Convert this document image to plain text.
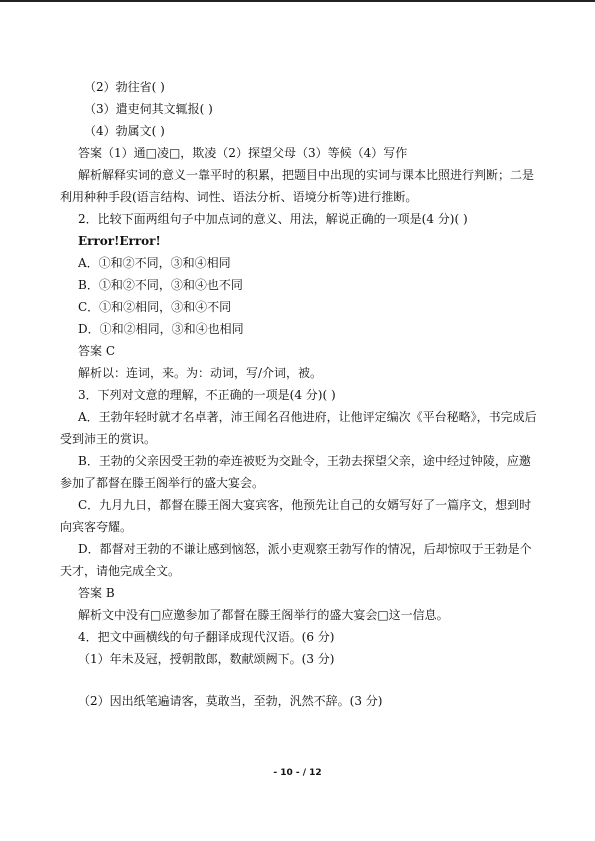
（2）勃往省( )
（3）遣吏伺其文辄报( )
（4）勃属文( )
答案（1）通□凌□，欺凌（2）探望父母（3）等候（4）写作
解析解释实词的意义一靠平时的积累，把题目中出现的实词与课本比照进行判断；二是
利用种种手段(语言结构、词性、语法分析、语境分析等)进行推断。
2．比较下面两组句子中加点词的意义、用法，解说正确的一项是(4 分)( )
Error!Error!
A．①和②不同，③和④相同
B．①和②不同，③和④也不同
C．①和②相同，③和④不同
D．①和②相同，③和④也相同
答案 C
解析以：连词，来。为：动词，写/介词，被。
3．下列对文意的理解，不正确的一项是(4 分)( )
A．王勃年轻时就才名卓著，沛王闻名召他进府，让他评定编次《平台秘略》，书完成后
受到沛王的赏识。
B．王勃的父亲因受王勃的牵连被贬为交趾令，王勃去探望父亲，途中经过钟陵，应邀
参加了都督在滕王阁举行的盛大宴会。
C．九月九日，都督在滕王阁大宴宾客，他预先让自己的女婿写好了一篇序文，想到时
向宾客夸耀。
D．都督对王勃的不谦让感到恼怒，派小吏观察王勃写作的情况，后却惊叹于王勃是个
天才，请他完成全文。
答案 B
解析文中没有□应邀参加了都督在滕王阁举行的盛大宴会□这一信息。
4．把文中画横线的句子翻译成现代汉语。(6 分)
（1）年未及冠，授朝散郎，数献颂阙下。(3 分)
（2）因出纸笔遍请客，莫敢当，至勃，汎然不辞。(3 分)
- 10 - / 12
